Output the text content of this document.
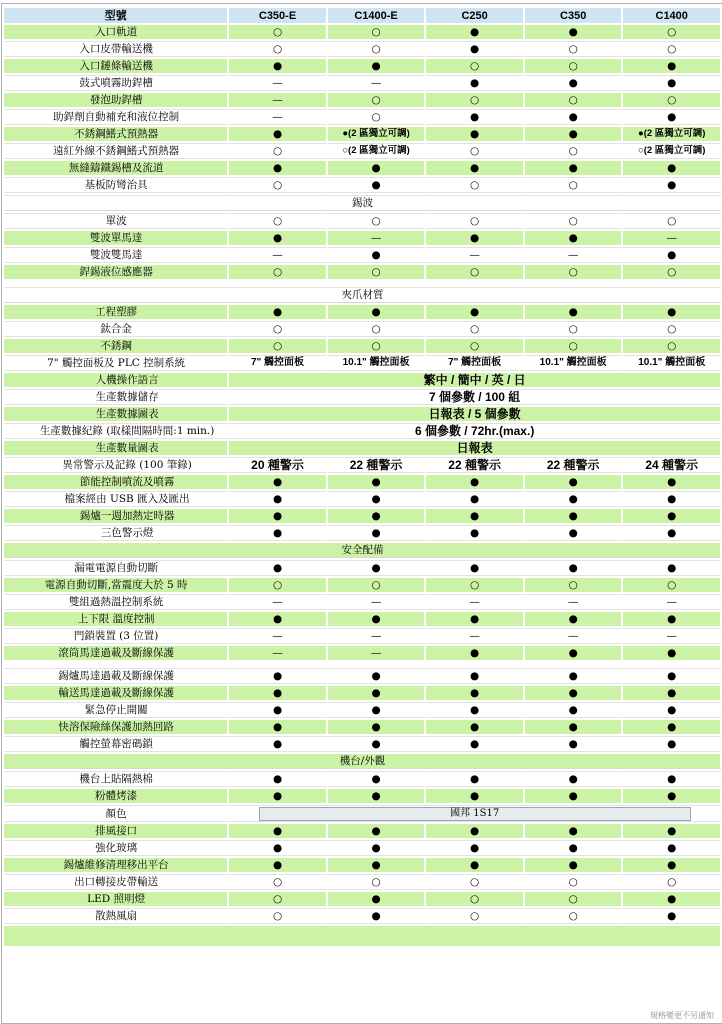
型號	C350-E	C1400-E	C250	C350	C1400
入口軌道	○	○	●	●	○
入口皮帶輸送機	○	○	●	○	○
入口鏈條輸送機	●	●	○	○	●
鼓式噴霧助銲槽	—	—	●	●	●
發泡助銲槽	—	○	○	○	○
助銲劑自動補充和液位控制	—	○	●	●	●
不銹鋼鰭式預熱器	●	●(2 區獨立可調)	●	●	●(2 區獨立可調)
遠紅外線不銹鋼鰭式預熱器	○	○(2 區獨立可調)	○	○	○(2 區獨立可調)
無縫鑄鐵錫槽及流道	●	●	●	●	●
基板防彎治具	○	●	○	○	●
錫波					
單波	○	○	○	○	○
雙波單馬達	●	—	●	●	—
雙波雙馬達	—	●	—	—	●
銲錫液位感應器	○	○	○	○	○

夾爪材質					
工程塑膠	●	●	●	●	●
鈦合金	○	○	○	○	○
不銹鋼	○	○	○	○	○
7" 觸控面板及 PLC 控制系統	7" 觸控面板	10.1" 觸控面板	7" 觸控面板	10.1" 觸控面板	10.1" 觸控面板
人機操作語言	繁中 / 簡中 / 英 / 日				
生產數據儲存	7 個參數 / 100 組				
生產數據圖表	日報表 / 5 個參數				
生產數據紀錄 (取樣間隔時間:1 min.)	6 個參數 / 72hr.(max.)				
生產數量圖表	日報表				
異常警示及記錄 (100 筆錄)	20 種警示	22 種警示	22 種警示	22 種警示	24 種警示
節能控制噴流及噴霧	●	●	●	●	●
檔案經由 USB 匯入及匯出	●	●	●	●	●
錫爐一週加熱定時器	●	●	●	●	●
三色警示燈	●	●	●	●	●
安全配備					
漏電電源自動切斷	●	●	●	●	●
電源自動切斷,當震度大於 5 時	○	○	○	○	○
雙組過熱溫控制系統	—	—	—	—	—
上下限 溫度控制	●	●	●	●	●
門鎖裝置 (3 位置)	—	—	—	—	—
滾筒馬達過載及斷線保護	—	—	●	●	●

錫爐馬達過載及斷線保護	●	●	●	●	●
輸送馬達過載及斷線保護	●	●	●	●	●
緊急停止開關	●	●	●	●	●
快溶保險絲保護加熱回路	●	●	●	●	●
觸控螢幕密碼鎖	●	●	●	●	●
機台/外觀					
機台上貼隔熱棉	●	●	●	●	●
粉體烤漆	●	●	●	●	●
顏色	國邦 1S17				
排風接口	●	●	●	●	●
強化玻璃	●	●	●	●	●
錫爐維修清理移出平台	●	●	●	●	●
出口轉接皮帶輸送	○	○	○	○	○
LED 照明燈	○	●	○	○	●
散熱風扇	○	●	○	○	●

規格變更不另通知
